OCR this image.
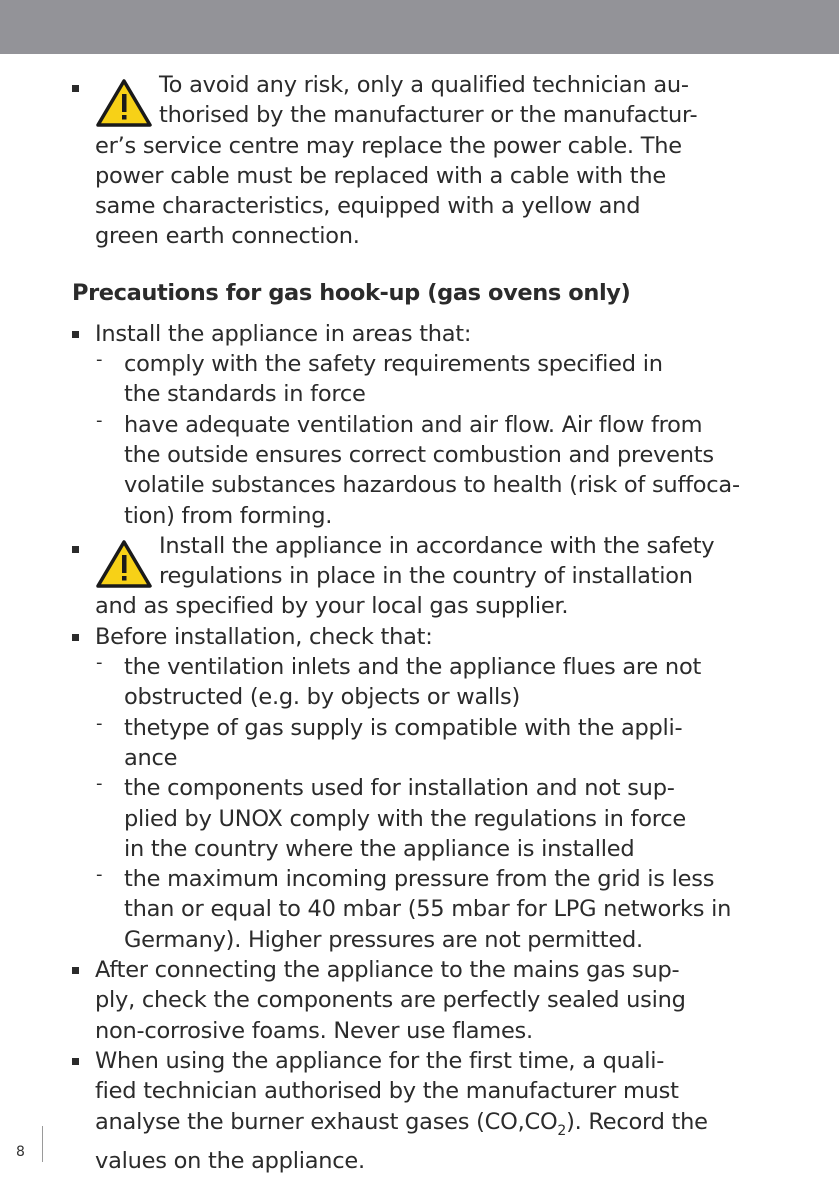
To avoid any risk, only a qualified technician au-
thorised by the manufacturer or the manufactur-
er’s service centre may replace the power cable. The
power cable must be replaced with a cable with the
same characteristics, equipped with a yellow and
green earth connection.
Precautions for gas hook-up (gas ovens only)
Install the appliance in areas that:
- comply with the safety requirements specified in
the standards in force
- have adequate ventilation and air flow. Air flow from
the outside ensures correct combustion and prevents
volatile substances hazardous to health (risk of suffoca-
tion) from forming.
Install the appliance in accordance with the safety
regulations in place in the country of installation
and as specified by your local gas supplier.
Before installation, check that:
- the ventilation inlets and the appliance flues are not
obstructed (e.g. by objects or walls)
- thetype of gas supply is compatible with the appli-
ance
- the components used for installation and not sup-
plied by UNOX comply with the regulations in force
in the country where the appliance is installed
- the maximum incoming pressure from the grid is less
than or equal to 40 mbar (55 mbar for LPG networks in
Germany). Higher pressures are not permitted.
After connecting the appliance to the mains gas sup-
ply, check the components are perfectly sealed using
non-corrosive foams. Never use flames.
When using the appliance for the first time, a quali-
fied technician authorised by the manufacturer must
analyse the burner exhaust gases $(CO,CO_2)$. Record the
values on the appliance.
8
